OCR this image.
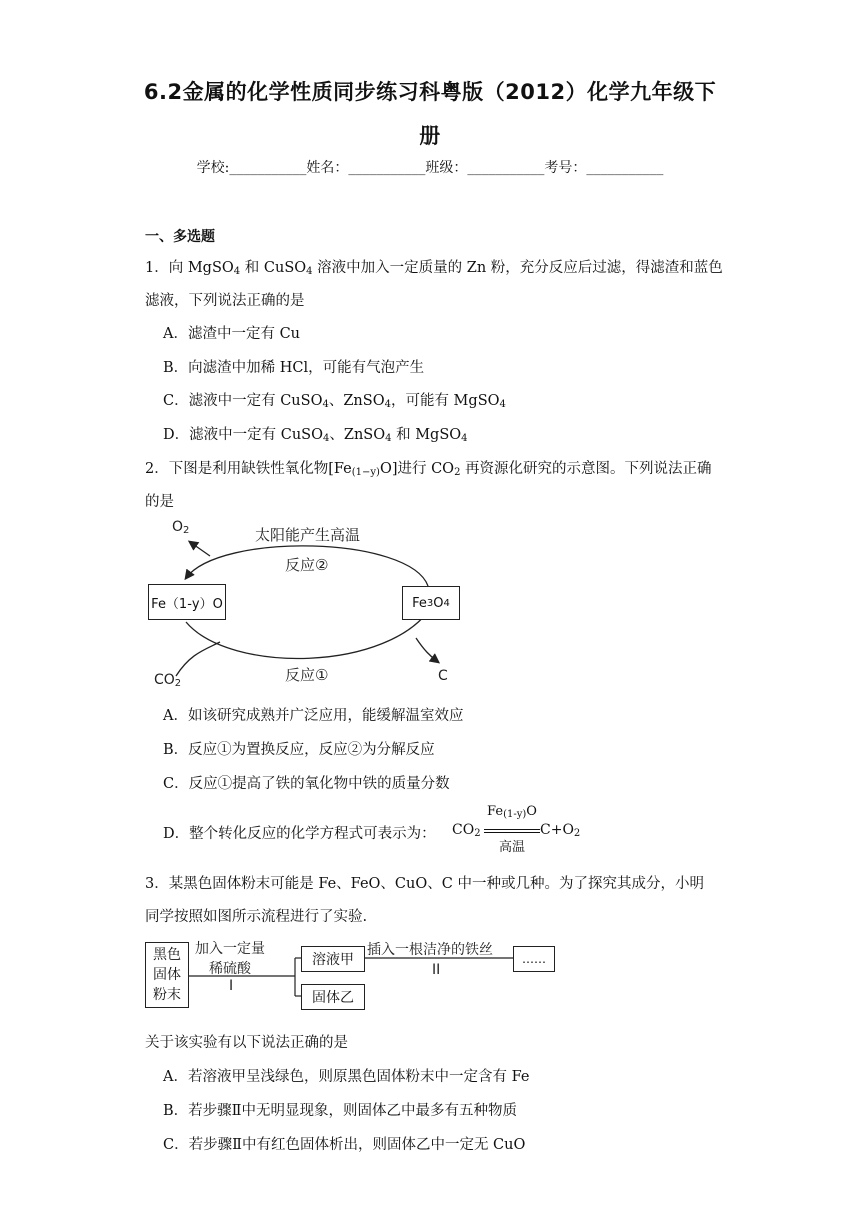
6.2金属的化学性质同步练习科粤版（2012）化学九年级下
册
学校:___________姓名：___________班级：___________考号：___________
一、多选题
1．向 MgSO$_4$ 和 CuSO$_4$ 溶液中加入一定质量的 Zn 粉，充分反应后过滤，得滤渣和蓝色
滤液，下列说法正确的是
A．滤渣中一定有 Cu
B．向滤渣中加稀 HCl，可能有气泡产生
C．滤液中一定有 CuSO$_4$、ZnSO$_4$，可能有 MgSO$_4$
D．滤液中一定有 CuSO$_4$、ZnSO$_4$ 和 MgSO$_4$
2．下图是利用缺铁性氧化物$[Fe_{(1-y)}O]$进行 $CO_2$ 再资源化研究的示意图。下列说法正确
的是
Fe（1-y）O	Fe 3 O 4
太阳能产生高温
反应②
反应①
$O_2$
$CO_2$	C
A．如该研究成熟并广泛应用，能缓解温室效应
B．反应①为置换反应，反应②为分解反应
C．反应①提高了铁的氧化物中铁的质量分数
D．整个转化反应的化学方程式可表示为： $CO_2$
$Fe_{(1-y)}O$
高温
$C+O_2$
3．某黑色固体粉末可能是 Fe、FeO、CuO、C 中一种或几种。为了探究其成分，小明
同学按照如图所示流程进行了实验.
黑色
固体
粉末
加入一定量
稀硫酸
I
溶液甲
固体乙
插入一根洁净的铁丝
II
……
关于该实验有以下说法正确的是
A．若溶液甲呈浅绿色，则原黑色固体粉末中一定含有 Fe
B．若步骤Ⅱ中无明显现象，则固体乙中最多有五种物质
C．若步骤Ⅱ中有红色固体析出，则固体乙中一定无 CuO
